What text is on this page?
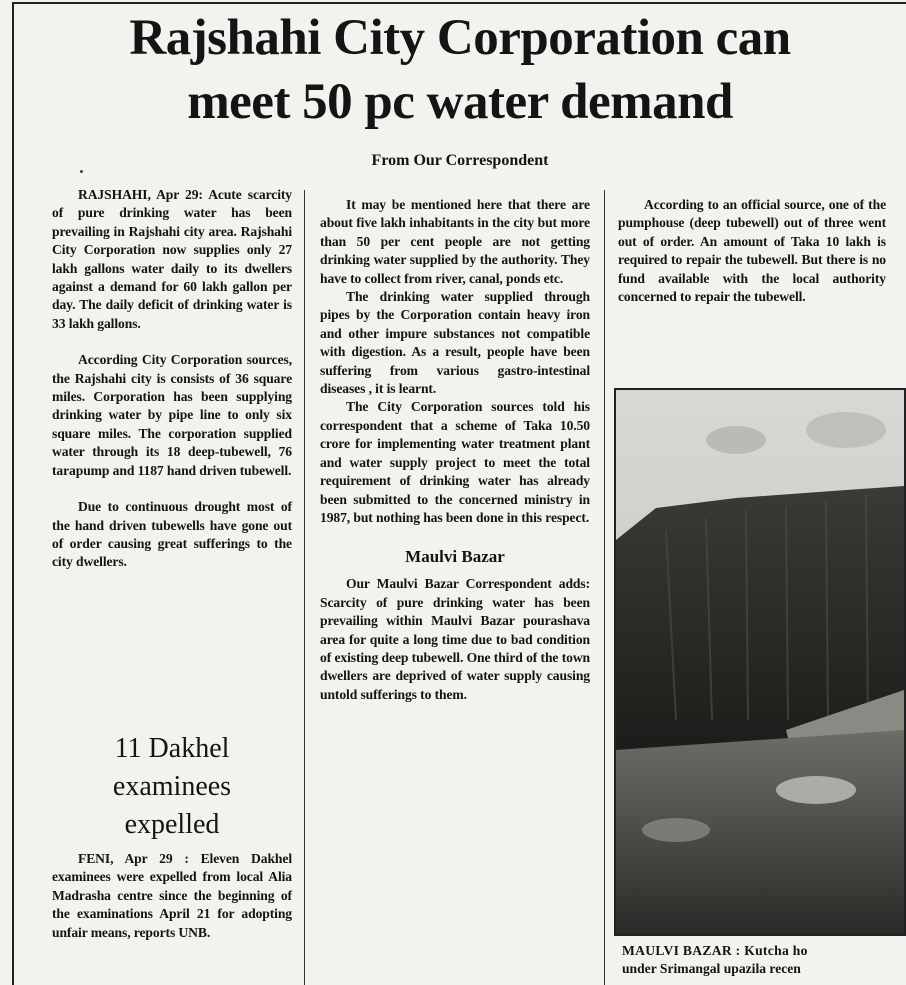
Rajshahi City Corporation can
meet 50 pc water demand
From Our Correspondent

RAJSHAHI, Apr 29: Acute scarcity of pure drinking water has been prevailing in Rajshahi city area. Rajshahi City Corporation now supplies only 27 lakh gallons water daily to its dwellers against a demand for 60 lakh gallon per day. The daily deficit of drinking water is 33 lakh gallons.

According City Corporation sources, the Rajshahi city is consists of 36 square miles. Corporation has been supplying drinking water by pipe line to only six square miles. The corporation supplied water through its 18 deep-tubewell, 76 tarapump and 1187 hand driven tubewell.

Due to continuous drought most of the hand driven tubewells have gone out of order causing great sufferings to the city dwellers.

11 Dakhel
examinees
expelled

FENI, Apr 29 : Eleven Dakhel examinees were expelled from local Alia Madrasha centre since the beginning of the examinations April 21 for adopting unfair means, reports UNB.

It may be mentioned here that there are about five lakh inhabitants in the city but more than 50 per cent people are not getting drinking water supplied by the authority. They have to collect from river, canal, ponds etc.

The drinking water supplied through pipes by the Corporation contain heavy iron and other impure substances not compatible with digestion. As a result, people have been suffering from various gastro-intestinal diseases , it is learnt.

The City Corporation sources told his correspondent that a scheme of Taka 10.50 crore for implementing water treatment plant and water supply project to meet the total requirement of drinking water has already been submitted to the concerned ministry in 1987, but nothing has been done in this respect.

Maulvi Bazar

Our Maulvi Bazar Correspondent adds: Scarcity of pure drinking water has been prevailing within Maulvi Bazar pourashava area for quite a long time due to bad condition of existing deep tubewell. One third of the town dwellers are deprived of water supply causing untold sufferings to them.

According to an official source, one of the pumphouse (deep tubewell) out of three went out of order. An amount of Taka 10 lakh is required to repair the tubewell. But there is no fund available with the local authority concerned to repair the tubewell.

MAULVI BAZAR : Kutcha ho
under Srimangal upazila recen
